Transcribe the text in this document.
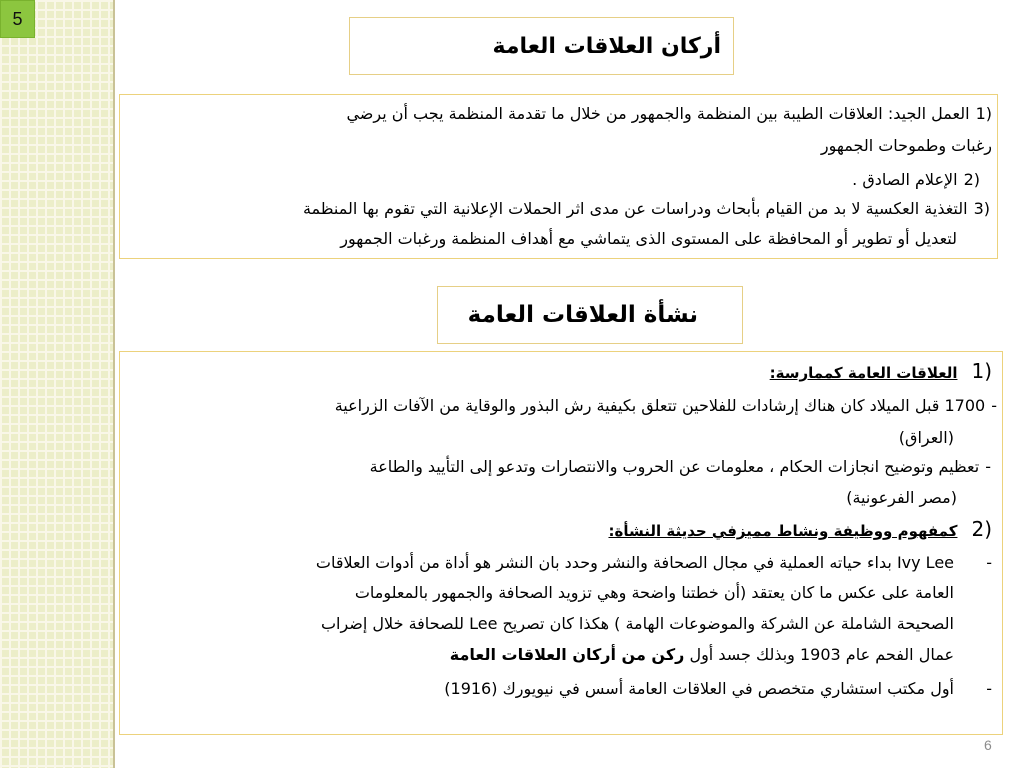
5
أركان العلاقات العامة
1)العمل الجيد: العلاقات الطيبة بين المنظمة والجمهور من خلال ما تقدمة المنظمة يجب أن يرضي
رغبات وطموحات الجمهور
2)الإعلام الصادق .
3)التغذية العكسية لا بد من القيام بأبحاث ودراسات عن مدى اثر الحملات الإعلانية التي تقوم بها المنظمة
لتعديل أو تطوير أو المحافظة على المستوى الذى يتماشي مع أهداف المنظمة ورغبات الجمهور
نشأة العلاقات العامة
1)العلاقات العامة كممارسة:
-1700 قبل الميلاد كان هناك إرشادات للفلاحين تتعلق بكيفية رش البذور والوقاية من الآفات الزراعية
(العراق)
-تعظيم وتوضيح انجازات الحكام ، معلومات عن الحروب والانتصارات وتدعو إلى التأييد والطاعة
(مصر الفرعونية)
2)كمفهوم ووظيفة ونشاط مميزفي حديثة النشأة:
-
Ivy Lee بداء حياته العملية في مجال الصحافة والنشر وحدد بان النشر هو أداة من أدوات العلاقات
العامة على عكس ما كان يعتقد (أن خطتنا واضحة وهي تزويد الصحافة والجمهور بالمعلومات
الصحيحة الشاملة عن الشركة والموضوعات الهامة ) هكذا كان تصريح Lee للصحافة خلال إضراب
عمال الفحم عام 1903 وبذلك جسد أول ركن من أركان العلاقات العامة
-
أول مكتب استشاري متخصص في العلاقات العامة أسس في نيويورك (1916)
6
